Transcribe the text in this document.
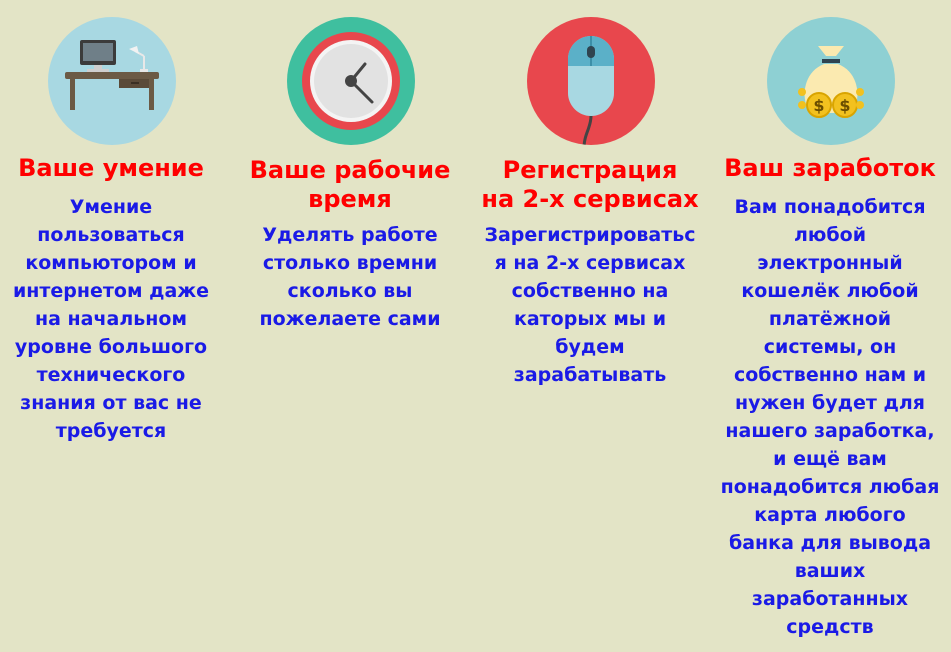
Ваше умение
Умение
пользоваться
компьютором и
интернетом даже
на начальном
уровне большого
технического
знания от вас не
требуется
Ваше рабочие
время
Уделять работе
столько времни
сколько вы
пожелаете сами
Регистрация
на 2-х сервисах
Зарегистрироватьс
я на 2-х сервисах
собственно на
каторых мы и
будем
зарабатывать
$ $
Ваш заработок
Вам понадобится
любой
электронный
кошелёк любой
платёжной
системы, он
собственно нам и
нужен будет для
нашего заработка,
и ещё вам
понадобится любая
карта любого
банка для вывода
ваших
заработанных
средств
